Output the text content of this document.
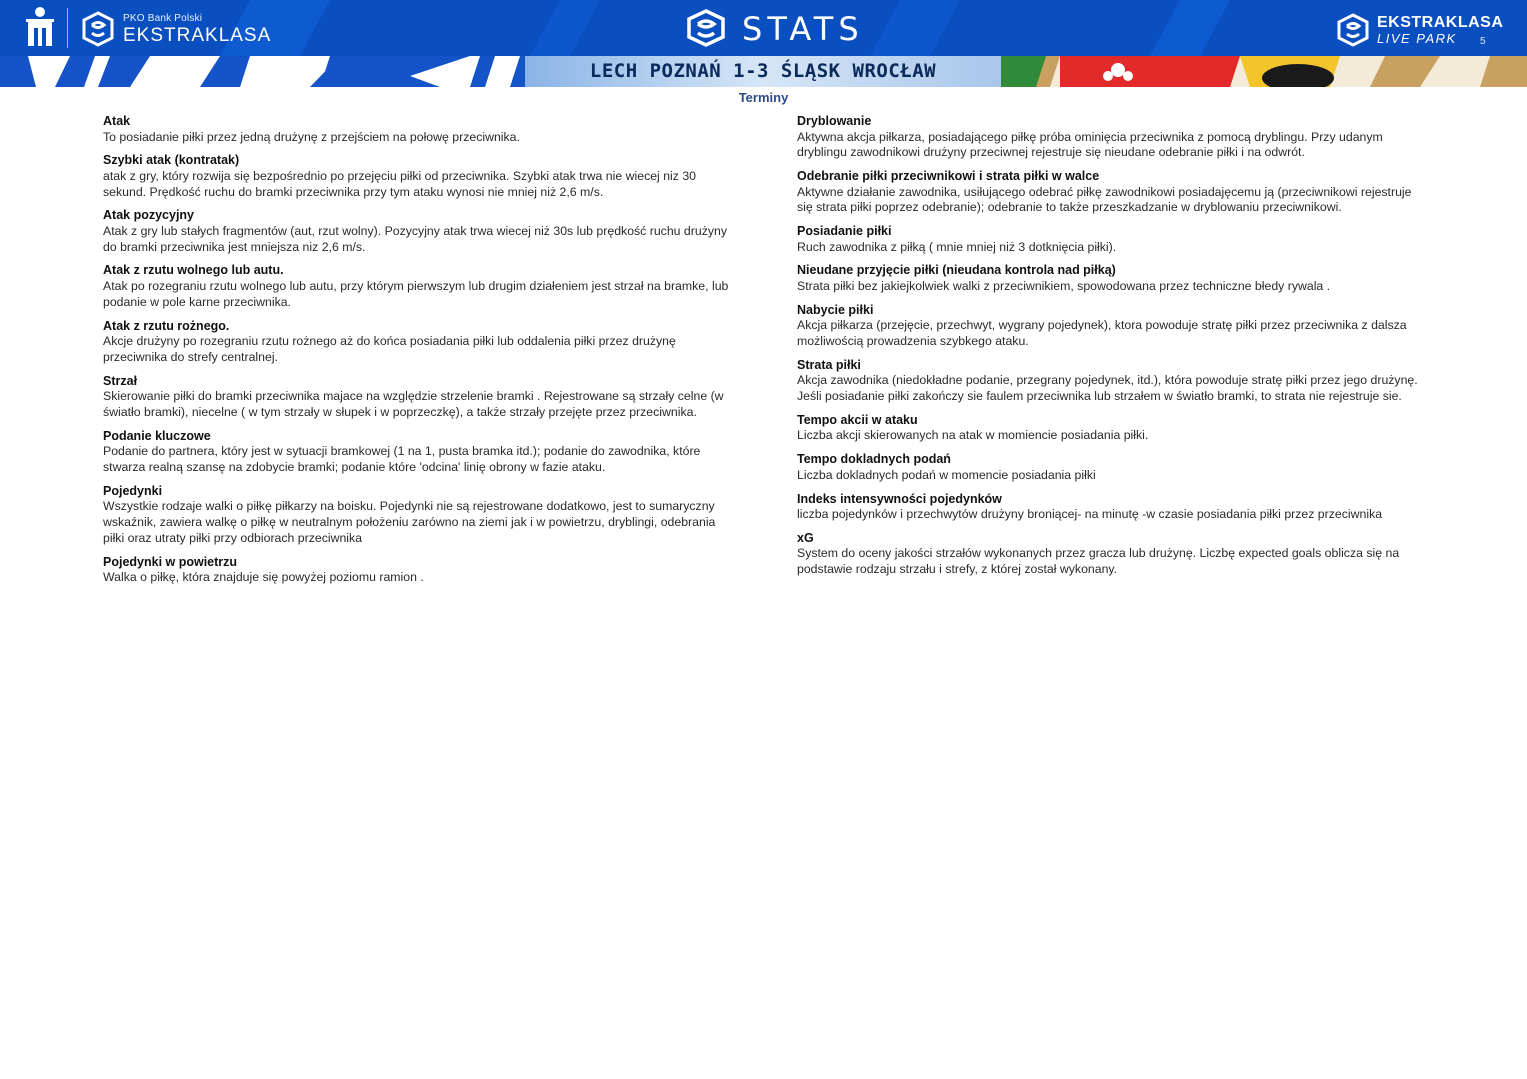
PKO Bank Polski
EKSTRAKLASA	STATS	EKSTRAKLASA
LIVE PARK 5
LECH POZNAŃ 1-3 ŚLĄSK WROCŁAW
Terminy
Atak
To posiadanie piłki przez jedną drużynę z przejściem na połowę przeciwnika.
Szybki atak (kontratak)
atak z gry, który rozwija się bezpośrednio po przejęciu piłki od przeciwnika. Szybki atak trwa nie wiecej niz 30 sekund. Prędkość ruchu do bramki przeciwnika przy tym ataku wynosi nie mniej niż 2,6 m/s.
Atak pozycyjny
Atak z gry lub stałych fragmentów (aut, rzut wolny). Pozycyjny atak trwa wiecej niż 30s lub prędkość ruchu drużyny do bramki przeciwnika jest mniejsza niz 2,6 m/s.
Atak z rzutu wolnego lub autu.
Atak po rozegraniu rzutu wolnego lub autu, przy którym pierwszym lub drugim działeniem jest strzał na bramke, lub podanie w pole karne przeciwnika.
Atak z rzutu rożnego.
Akcje drużyny po rozegraniu rzutu rożnego aż do końca posiadania piłki lub oddalenia piłki przez drużynę przeciwnika do strefy centralnej.
Strzał
Skierowanie piłki do bramki przeciwnika majace na względzie strzelenie bramki . Rejestrowane są strzały celne (w światło bramki), niecelne ( w tym strzały w słupek i w poprzeczkę), a także strzały przejęte przez przeciwnika.
Podanie kluczowe
Podanie do partnera, który jest w sytuacji bramkowej (1 na 1, pusta bramka itd.); podanie do zawodnika, które stwarza realną szansę na zdobycie bramki; podanie które 'odcina' linię obrony w fazie ataku.
Pojedynki
Wszystkie rodzaje walki o piłkę piłkarzy na boisku. Pojedynki nie są rejestrowane dodatkowo, jest to sumaryczny wskaźnik, zawiera walkę o piłkę w neutralnym położeniu zarówno na ziemi jak i w powietrzu, dryblingi, odebrania piłki oraz utraty piłki przy odbiorach przeciwnika
Pojedynki w powietrzu
Walka o piłkę, która znajduje się powyżej poziomu ramion .
Dryblowanie
Aktywna akcja piłkarza, posiadającego piłkę próba ominięcia przeciwnika z pomocą dryblingu. Przy udanym dryblingu zawodnikowi drużyny przeciwnej rejestruje się nieudane odebranie piłki i na odwrót.
Odebranie piłki przeciwnikowi i strata piłki w walce
Aktywne działanie zawodnika, usiłującego odebrać piłkę zawodnikowi posiadajęcemu ją (przeciwnikowi rejestruje się strata piłki poprzez odebranie); odebranie to także przeszkadzanie w dryblowaniu przeciwnikowi.
Posiadanie piłki
Ruch zawodnika z piłką ( mnie mniej niż 3 dotknięcia piłki).
Nieudane przyjęcie piłki (nieudana kontrola nad piłką)
Strata piłki bez jakiejkolwiek walki z przeciwnikiem, spowodowana przez techniczne błedy rywala .
Nabycie piłki
Akcja piłkarza (przejęcie, przechwyt, wygrany pojedynek), ktora powoduje stratę piłki przez przeciwnika z dalsza możliwością prowadzenia szybkego ataku.
Strata piłki
Akcja zawodnika (niedokładne podanie, przegrany pojedynek, itd.), która powoduje stratę piłki przez jego drużynę. Jeśli posiadanie piłki zakończy sie faulem przeciwnika lub strzałem w światło bramki, to strata nie rejestruje sie.
Tempo akcii w ataku
Liczba akcji skierowanych na atak w momiencie posiadania piłki.
Tempo dokladnych podań
Liczba dokladnych podań w momencie posiadania piłki
Indeks intensywności pojedynków
liczba pojedynków i przechwytów drużyny broniącej- na minutę -w czasie posiadania piłki przez przeciwnika
xG
System do oceny jakości strzałów wykonanych przez gracza lub drużynę. Liczbę expected goals oblicza się na podstawie rodzaju strzału i strefy, z której został wykonany.
